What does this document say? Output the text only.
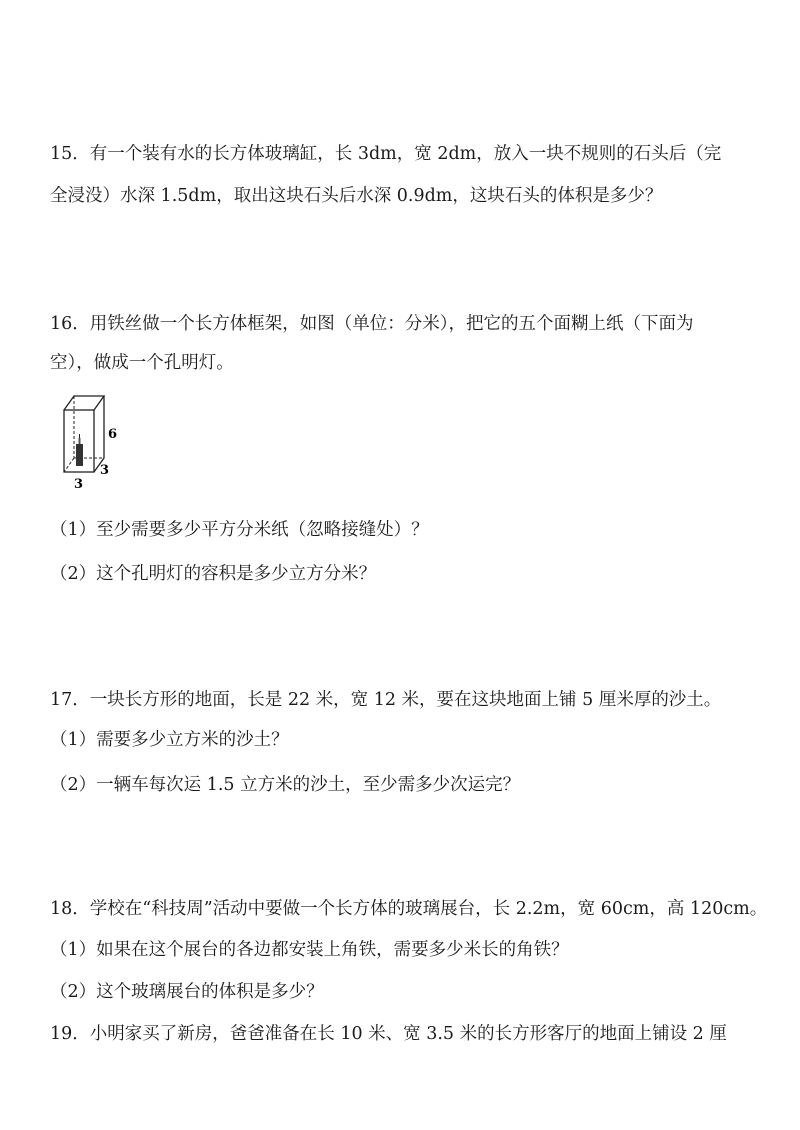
15．有一个装有水的长方体玻璃缸，长 3dm，宽 2dm，放入一块不规则的石头后（完
全浸没）水深 1.5dm，取出这块石头后水深 0.9dm，这块石头的体积是多少？
16．用铁丝做一个长方体框架，如图（单位：分米），把它的五个面糊上纸（下面为
空），做成一个孔明灯。
6
3
3
（1）至少需要多少平方分米纸（忽略接缝处）？
（2）这个孔明灯的容积是多少立方分米？
17．一块长方形的地面，长是 22 米，宽 12 米，要在这块地面上铺 5 厘米厚的沙土。
（1）需要多少立方米的沙土？
（2）一辆车每次运 1.5 立方米的沙土，至少需多少次运完？
18．学校在“科技周”活动中要做一个长方体的玻璃展台，长 2.2m，宽 60cm，高 120cm。
（1）如果在这个展台的各边都安装上角铁，需要多少米长的角铁？
（2）这个玻璃展台的体积是多少？
19．小明家买了新房，爸爸准备在长 10 米、宽 3.5 米的长方形客厅的地面上铺设 2 厘
